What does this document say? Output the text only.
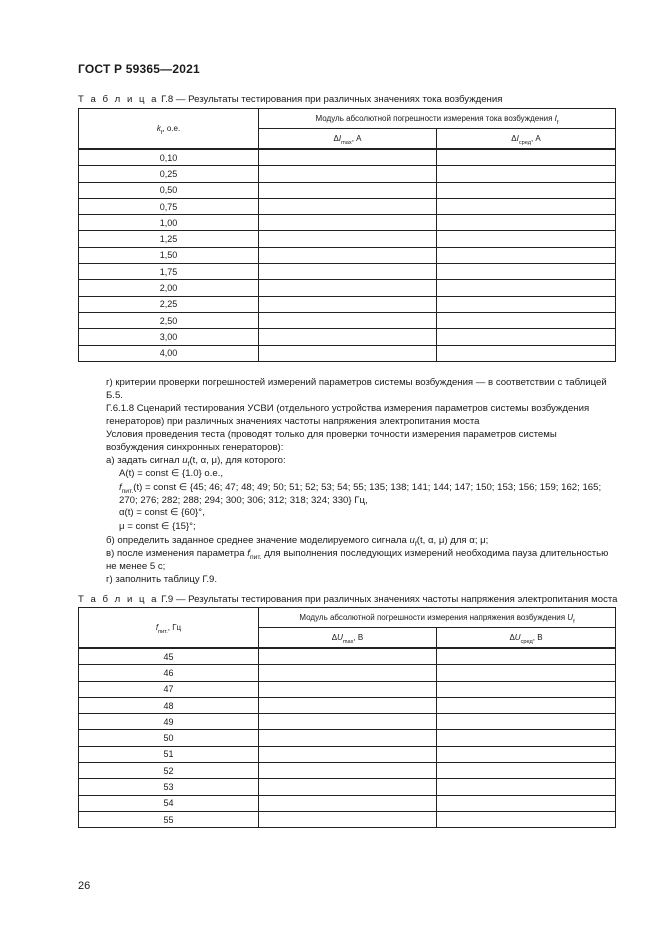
ГОСТ Р 59365—2021
Т а б л и ц а Г.8 — Результаты тестирования при различных значениях тока возбуждения
$k_f$, о.е.	Модуль абсолютной погрешности измерения тока возбуждения $I_f$
	$\Delta I_{max}$, А	$\Delta I_{сред}$, А
0,10		
0,25		
0,50		
0,75		
1,00		
1,25		
1,50		
1,75		
2,00		
2,25		
2,50		
3,00		
4,00		
г) критерии проверки погрешностей измерений параметров системы возбуждения — в соответствии с таблицей Б.5.
Г.6.1.8 Сценарий тестирования УСВИ (отдельного устройства измерения параметров системы возбуждения генераторов) при различных значениях частоты напряжения электропитания моста
Условия проведения теста (проводят только для проверки точности измерения параметров системы возбуждения синхронных генераторов):
а) задать сигнал $u_f(t$, α, μ), для которого:
A(t) = const ∈ {1.0} о.е.,
$f_{пит.}(t)$ = const ∈ {45; 46; 47; 48; 49; 50; 51; 52; 53; 54; 55; 135; 138; 141; 144; 147; 150; 153; 156; 159; 162; 165; 270; 276; 282; 288; 294; 300; 306; 312; 318; 324; 330} Гц,
α(t) = const ∈ {60}°,
μ = const ∈ {15}°;
б) определить заданное среднее значение моделируемого сигнала $u_f(t$, α, μ) для α; μ;
в) после изменения параметра $f_{пит.}$ для выполнения последующих измерений необходима пауза длительностью не менее 5 с;
г) заполнить таблицу Г.9.
Т а б л и ц а Г.9 — Результаты тестирования при различных значениях частоты напряжения электропитания моста
$f_{пит.}$, Гц	Модуль абсолютной погрешности измерения напряжения возбуждения $U_f$
	$\Delta U_{max}$, В	$\Delta U_{сред}$, В
45		
46		
47		
48		
49		
50		
51		
52		
53		
54		
55		
26
